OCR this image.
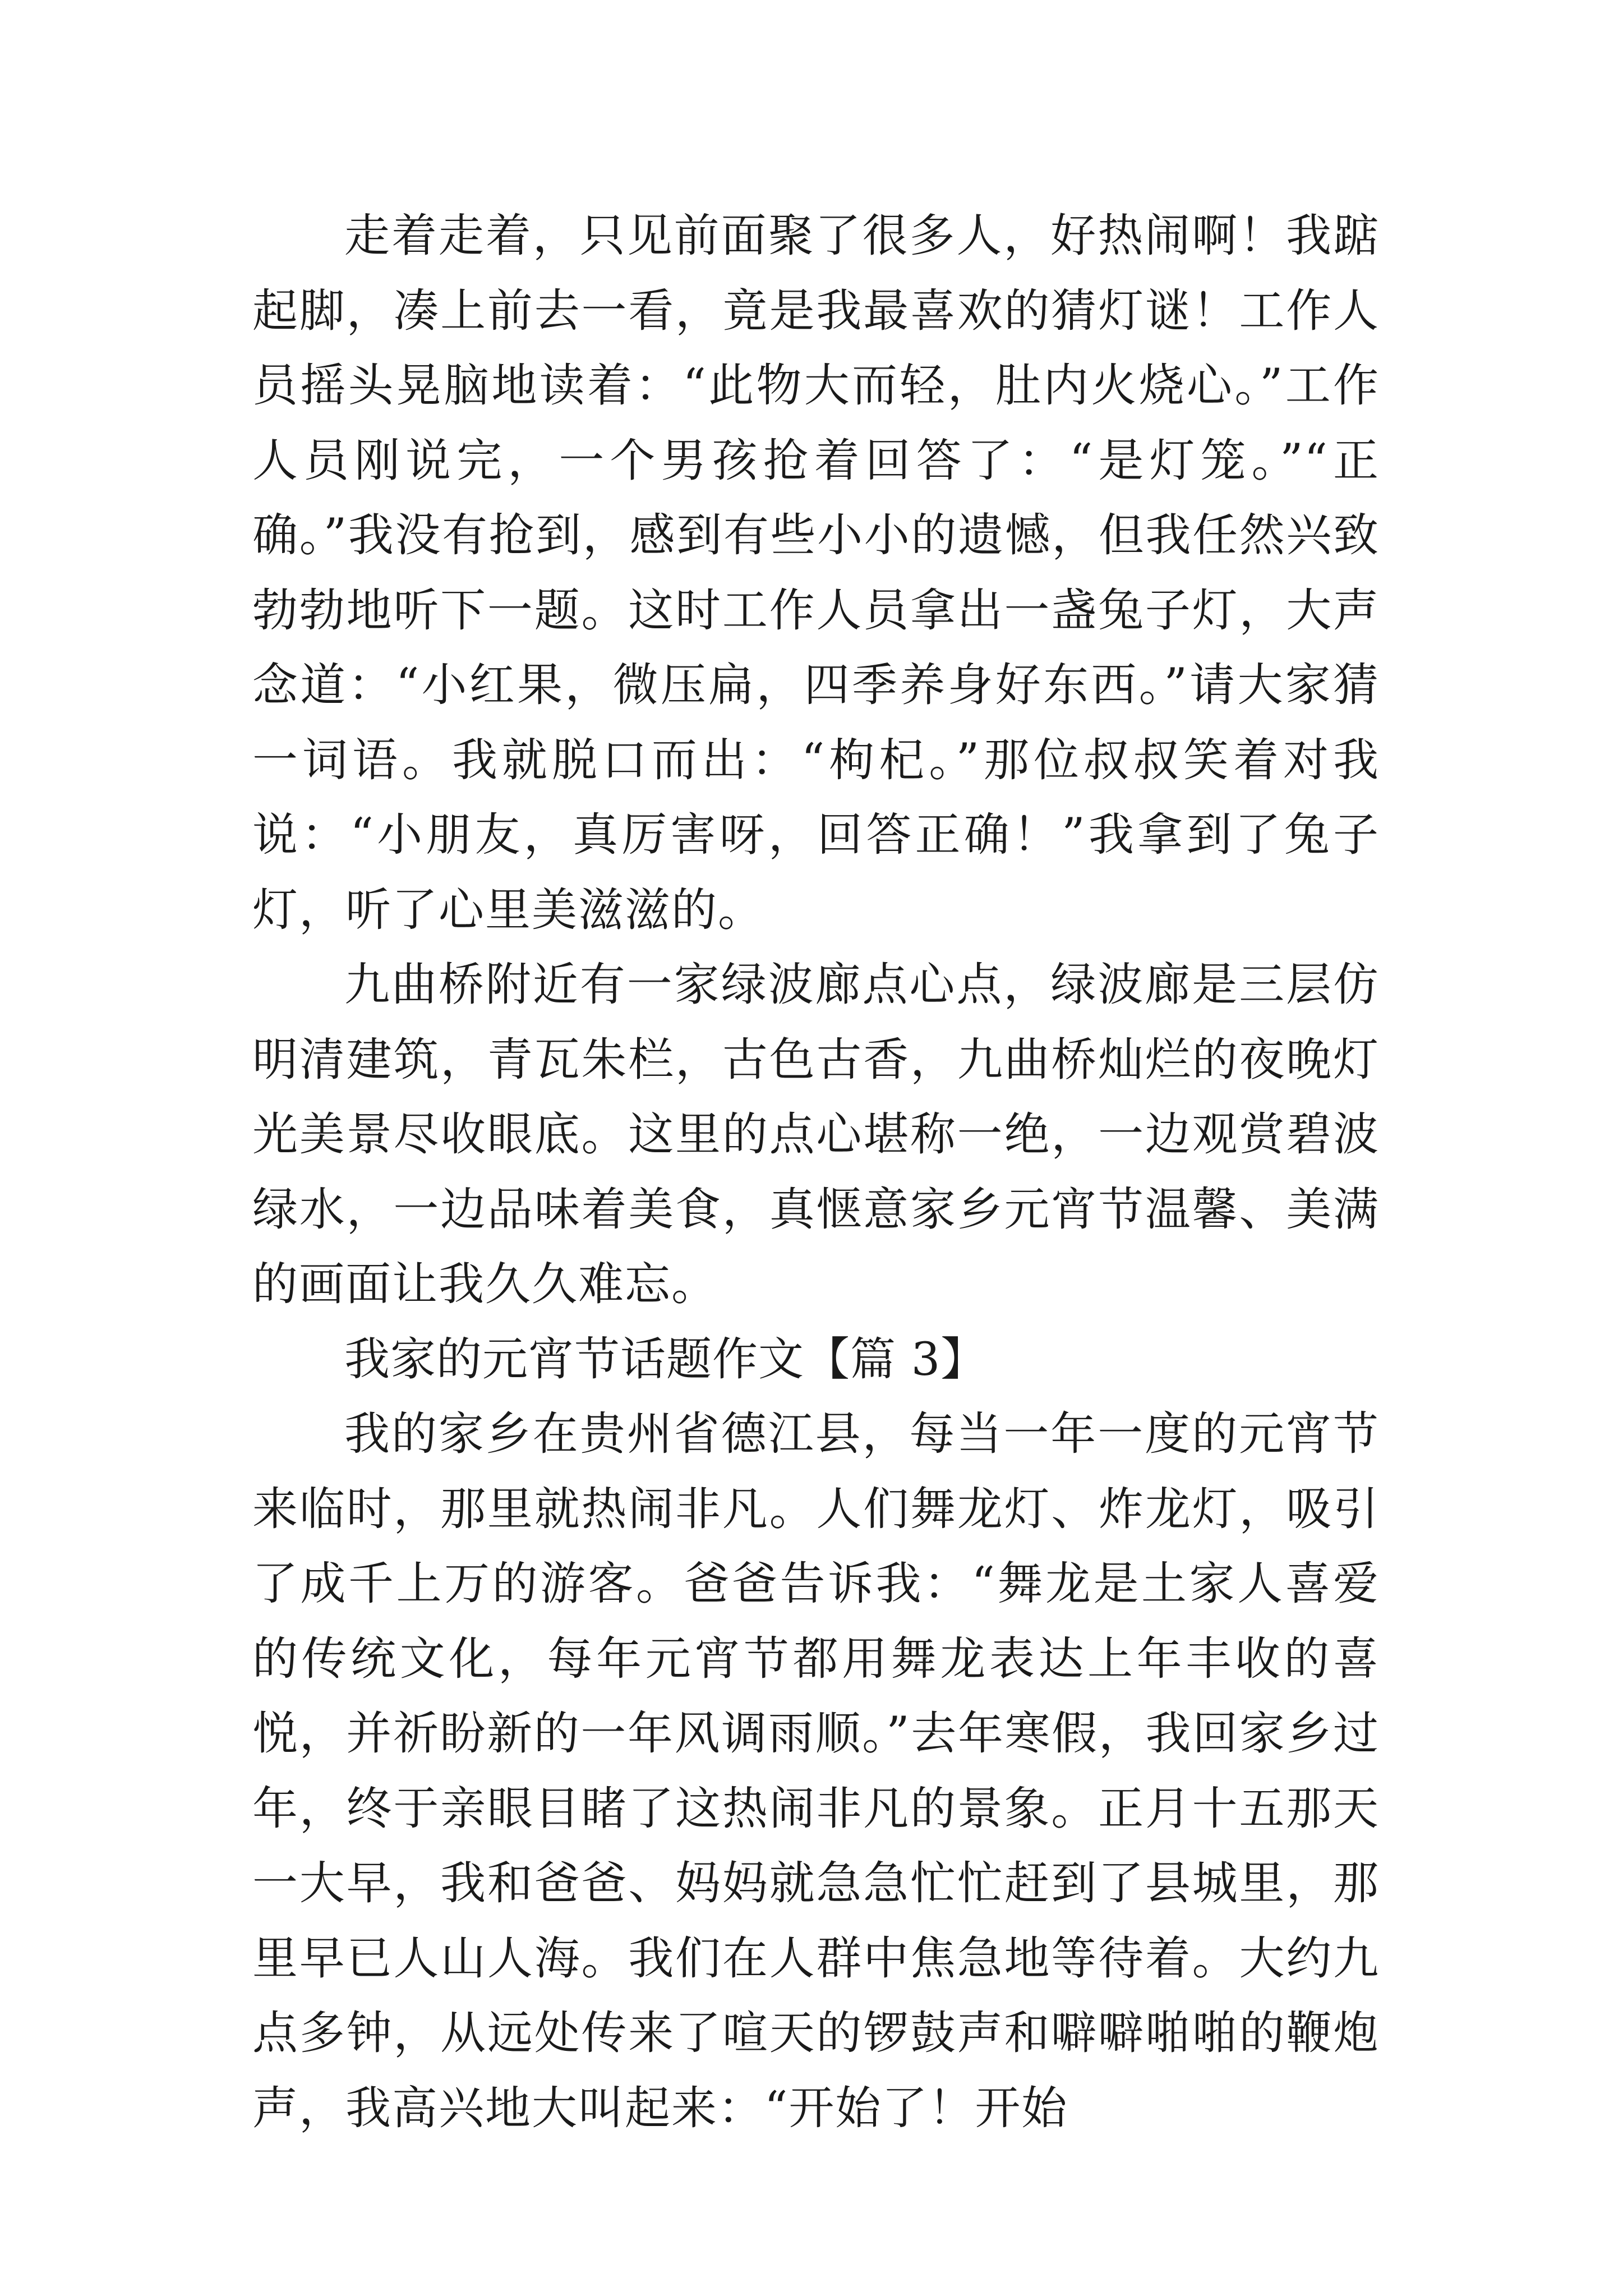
走着走着，只见前面聚了很多人，好热闹啊！我踮起脚，凑上前去一看，竟是我最喜欢的猜灯谜！工作人员摇头晃脑地读着：“此物大而轻，肚内火烧心。”工作人员刚说完，一个男孩抢着回答了：“是灯笼。”“正确。”我没有抢到，感到有些小小的遗憾，但我任然兴致勃勃地听下一题。这时工作人员拿出一盏兔子灯，大声念道：“小红果，微压扁，四季养身好东西。”请大家猜一词语。我就脱口而出：“枸杞。”那位叔叔笑着对我说：“小朋友，真厉害呀，回答正确！”我拿到了兔子灯，听了心里美滋滋的。

九曲桥附近有一家绿波廊点心点，绿波廊是三层仿明清建筑，青瓦朱栏，古色古香，九曲桥灿烂的夜晚灯光美景尽收眼底。这里的点心堪称一绝，一边观赏碧波绿水，一边品味着美食，真惬意家乡元宵节温馨、美满的画面让我久久难忘。

我家的元宵节话题作文【篇 3】

我的家乡在贵州省德江县，每当一年一度的元宵节来临时，那里就热闹非凡。人们舞龙灯、炸龙灯，吸引了成千上万的游客。爸爸告诉我：“舞龙是土家人喜爱的传统文化，每年元宵节都用舞龙表达上年丰收的喜悦，并祈盼新的一年风调雨顺。”去年寒假，我回家乡过年，终于亲眼目睹了这热闹非凡的景象。正月十五那天一大早，我和爸爸、妈妈就急急忙忙赶到了县城里，那里早已人山人海。我们在人群中焦急地等待着。大约九点多钟，从远处传来了喧天的锣鼓声和噼噼啪啪的鞭炮声，我高兴地大叫起来：“开始了！开始
